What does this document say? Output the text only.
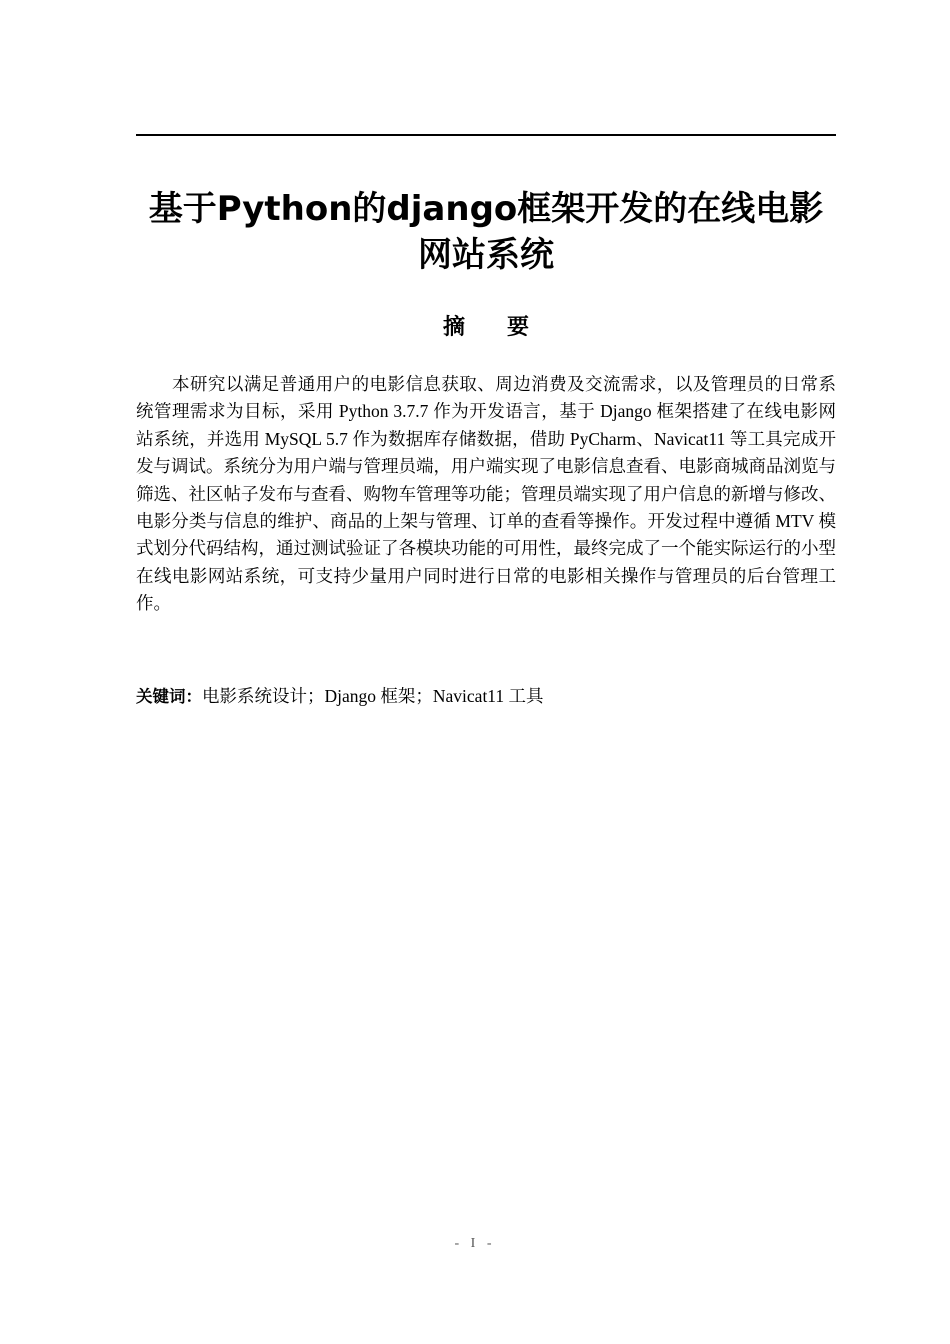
基于Python的django框架开发的在线电影网站系统
摘要

本研究以满足普通用户的电影信息获取、周边消费及交流需求，以及管理员的日常系统管理需求为目标，采用 Python 3.7.7 作为开发语言，基于 Django 框架搭建了在线电影网站系统，并选用 MySQL 5.7 作为数据库存储数据，借助 PyCharm、Navicat11 等工具完成开发与调试。系统分为用户端与管理员端，用户端实现了电影信息查看、电影商城商品浏览与筛选、社区帖子发布与查看、购物车管理等功能；管理员端实现了用户信息的新增与修改、电影分类与信息的维护、商品的上架与管理、订单的查看等操作。开发过程中遵循 MTV 模式划分代码结构，通过测试验证了各模块功能的可用性，最终完成了一个能实际运行的小型在线电影网站系统，可支持少量用户同时进行日常的电影相关操作与管理员的后台管理工作。

关键词：电影系统设计；Django 框架；Navicat11 工具

- I -
